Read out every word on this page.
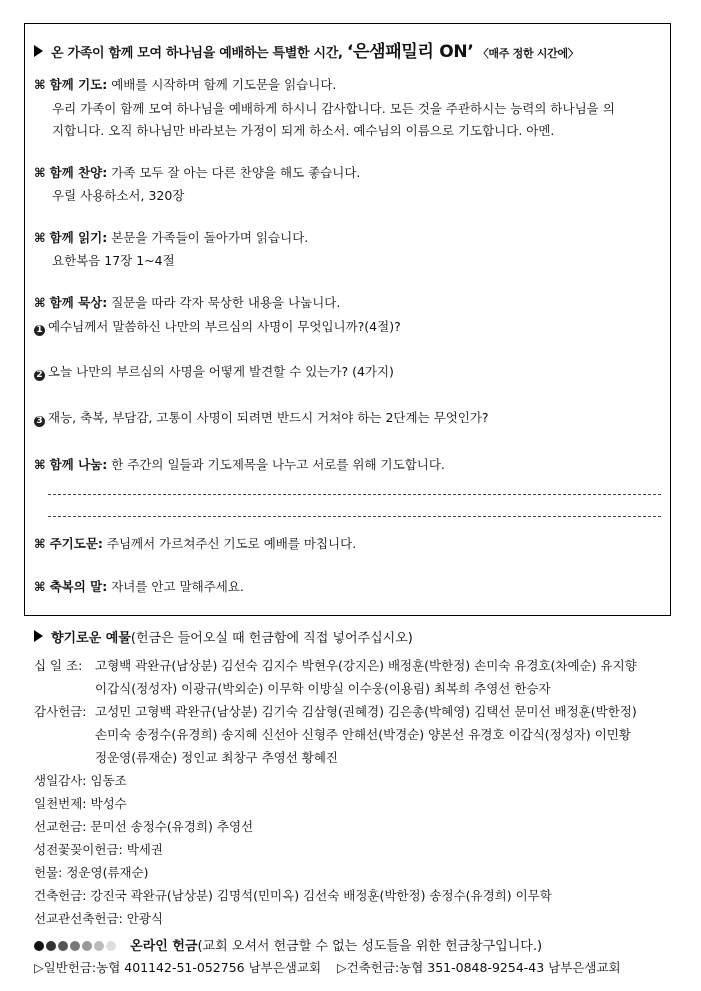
온 가족이 함께 모여 하나님을 예배하는 특별한 시간, ‘은샘패밀리 ON’ 〈매주 정한 시간에〉
⌘ 함께 기도: 예배를 시작하며 함께 기도문을 읽습니다.
우리 가족이 함께 모여 하나님을 예배하게 하시니 감사합니다. 모든 것을 주관하시는 능력의 하나님을 의
지합니다. 오직 하나님만 바라보는 가정이 되게 하소서. 예수님의 이름으로 기도합니다. 아멘.
⌘ 함께 찬양: 가족 모두 잘 아는 다른 찬양을 해도 좋습니다.
우릴 사용하소서, 320장
⌘ 함께 읽기: 본문을 가족들이 돌아가며 읽습니다.
요한복음 17장 1~4절
⌘ 함께 묵상: 질문을 따라 각자 묵상한 내용을 나눕니다.
1 예수님께서 말씀하신 나만의 부르심의 사명이 무엇입니까?(4절)?
2 오늘 나만의 부르심의 사명을 어떻게 발견할 수 있는가? (4가지)
3 재능, 축복, 부담감, 고통이 사명이 되려면 반드시 거쳐야 하는 2단계는 무엇인가?
⌘ 함께 나눔: 한 주간의 일들과 기도제목을 나누고 서로를 위해 기도합니다.
⌘ 주기도문: 주님께서 가르쳐주신 기도로 예배를 마칩니다.
⌘ 축복의 말: 자녀를 안고 말해주세요.
향기로운 예물(헌금은 들어오실 때 헌금함에 직접 넣어주십시오)
십 일 조: 고형백 곽완규(남상분) 김선숙 김지수 박현우(강지은) 배정훈(박한정) 손미숙 유경호(차예순) 유지향
이갑식(정성자) 이광규(박외순) 이무학 이방실 이수웅(이용림) 최복희 추영선 한승자
감사헌금: 고성민 고형백 곽완규(남상분) 김기숙 김삼형(권혜경) 김은총(박혜영) 김택선 문미선 배정훈(박한정)
손미숙 송정수(유경희) 송지혜 신선아 신형주 안해선(박경순) 양본선 유경호 이갑식(정성자) 이민황
정운영(류재순) 정인교 최창구 추영선 황혜진
생일감사: 임동조
일천번제: 박성수
선교헌금: 문미선 송정수(유경희) 추영선
성전꽃꽂이헌금: 박세권
헌물: 정운영(류재순)
건축헌금: 강진국 곽완규(남상분) 김명석(민미옥) 김선숙 배정훈(박한정) 송정수(유경희) 이무학
선교관선축헌금: 안광식
온라인 헌금(교회 오셔서 헌금할 수 없는 성도들을 위한 헌금창구입니다.)
▷일반헌금:농협 401142-51-052756 남부은샘교회 ▷건축헌금:농협 351-0848-9254-43 남부은샘교회
